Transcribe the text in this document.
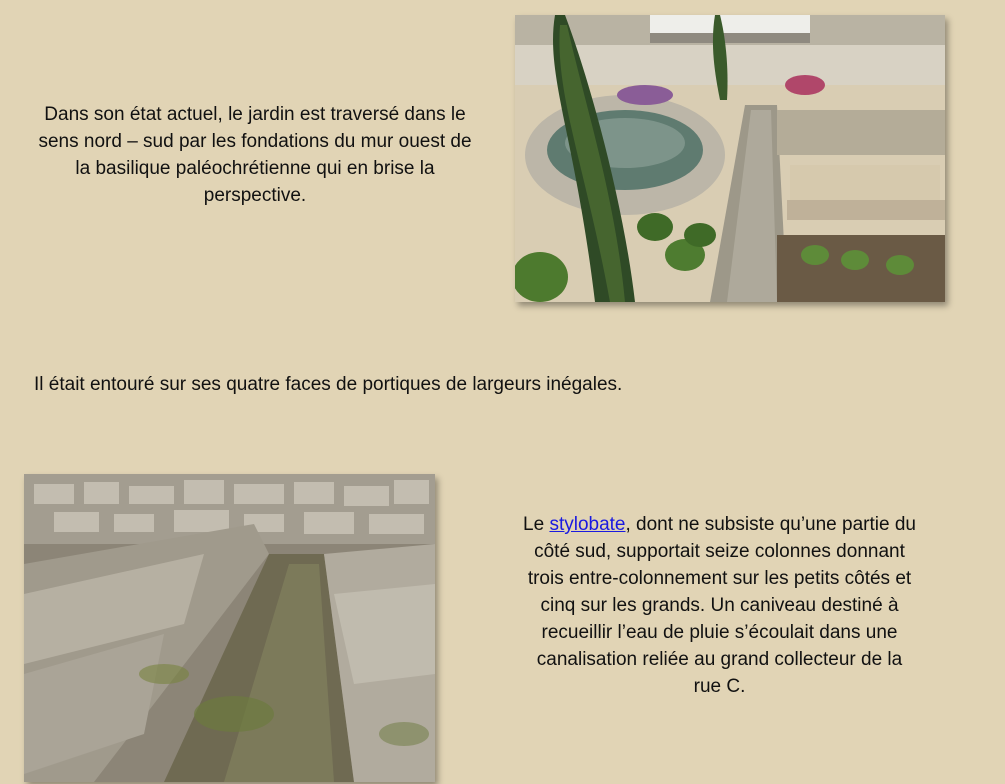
Dans son état actuel, le jardin est traversé dans le sens nord – sud par les fondations du mur ouest de la basilique paléochrétienne qui en brise la perspective.
Il était entouré sur ses quatre faces de portiques de largeurs inégales.
Le stylobate, dont ne subsiste qu’une partie du côté sud, supportait seize colonnes donnant trois entre-colonnement sur les petits côtés et cinq sur les grands. Un caniveau destiné à recueillir l’eau de pluie s’écoulait dans une canalisation reliée au grand collecteur de la rue C.
